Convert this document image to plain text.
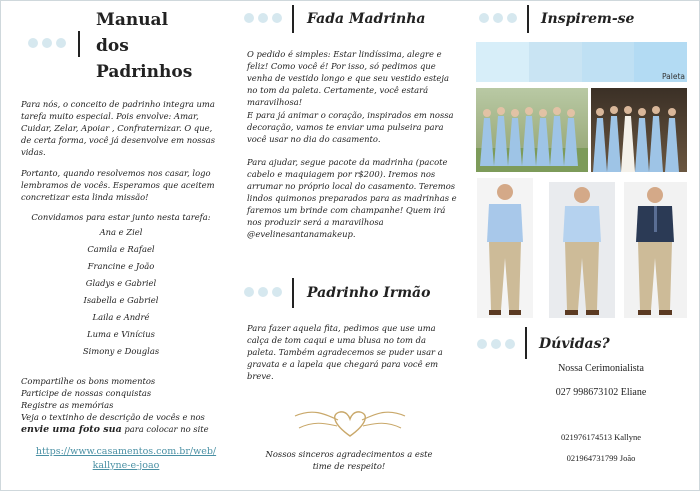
Manual
dos
Padrinhos
Para nós, o conceito de padrinho integra uma tarefa muito especial. Pois envolve: Amar, Cuidar, Zelar, Apoiar , Confraternizar. O que, de certa forma, você já desenvolve em nossas vidas.
Portanto, quando resolvemos nos casar, logo lembramos de vocês. Esperamos que aceitem concretizar esta linda missão!
Convidamos para estar junto nesta tarefa:
Ana e Ziel
Camila e Rafael
Francine e João
Gladys e Gabriel
Isabella e Gabriel
Laila e André
Luma e Vinícius
Simony e Douglas
Compartilhe os bons momentos
Participe de nossas conquistas
Registre as memórias
Veja o textinho de descrição de vocês e nos
envie uma foto sua para colocar no site
https://www.casamentos.com.br/web/
kallyne-e-joao
Fada Madrinha
O pedido é simples: Estar lindíssima, alegre e feliz! Como você é! Por isso, só pedimos que venha de vestido longo e que seu vestido esteja no tom da paleta. Certamente, você estará maravilhosa!
E para já animar o coração, inspirados em nossa decoração, vamos te enviar uma pulseira para você usar no dia do casamento.
Para ajudar, segue pacote da madrinha (pacote cabelo e maquiagem por r$200). Iremos nos arrumar no próprio local do casamento. Teremos lindos quimonos preparados para as madrinhas e faremos um brinde com champanhe! Quem irá nos produzir será a maravilhosa @evelinesantanamakeup.
Padrinho Irmão
Para fazer aquela fita, pedimos que use uma calça de tom caqui e uma blusa no tom da paleta. Também agradecemos se puder usar a gravata e a lapela que chegará para você em breve.
Nossos sinceros agradecimentos a este time de respeito!
Inspirem-se
Paleta
Dúvidas?
Nossa Cerimonialista
027 998673102 Eliane
021976174513 Kallyne
021964731799 João
